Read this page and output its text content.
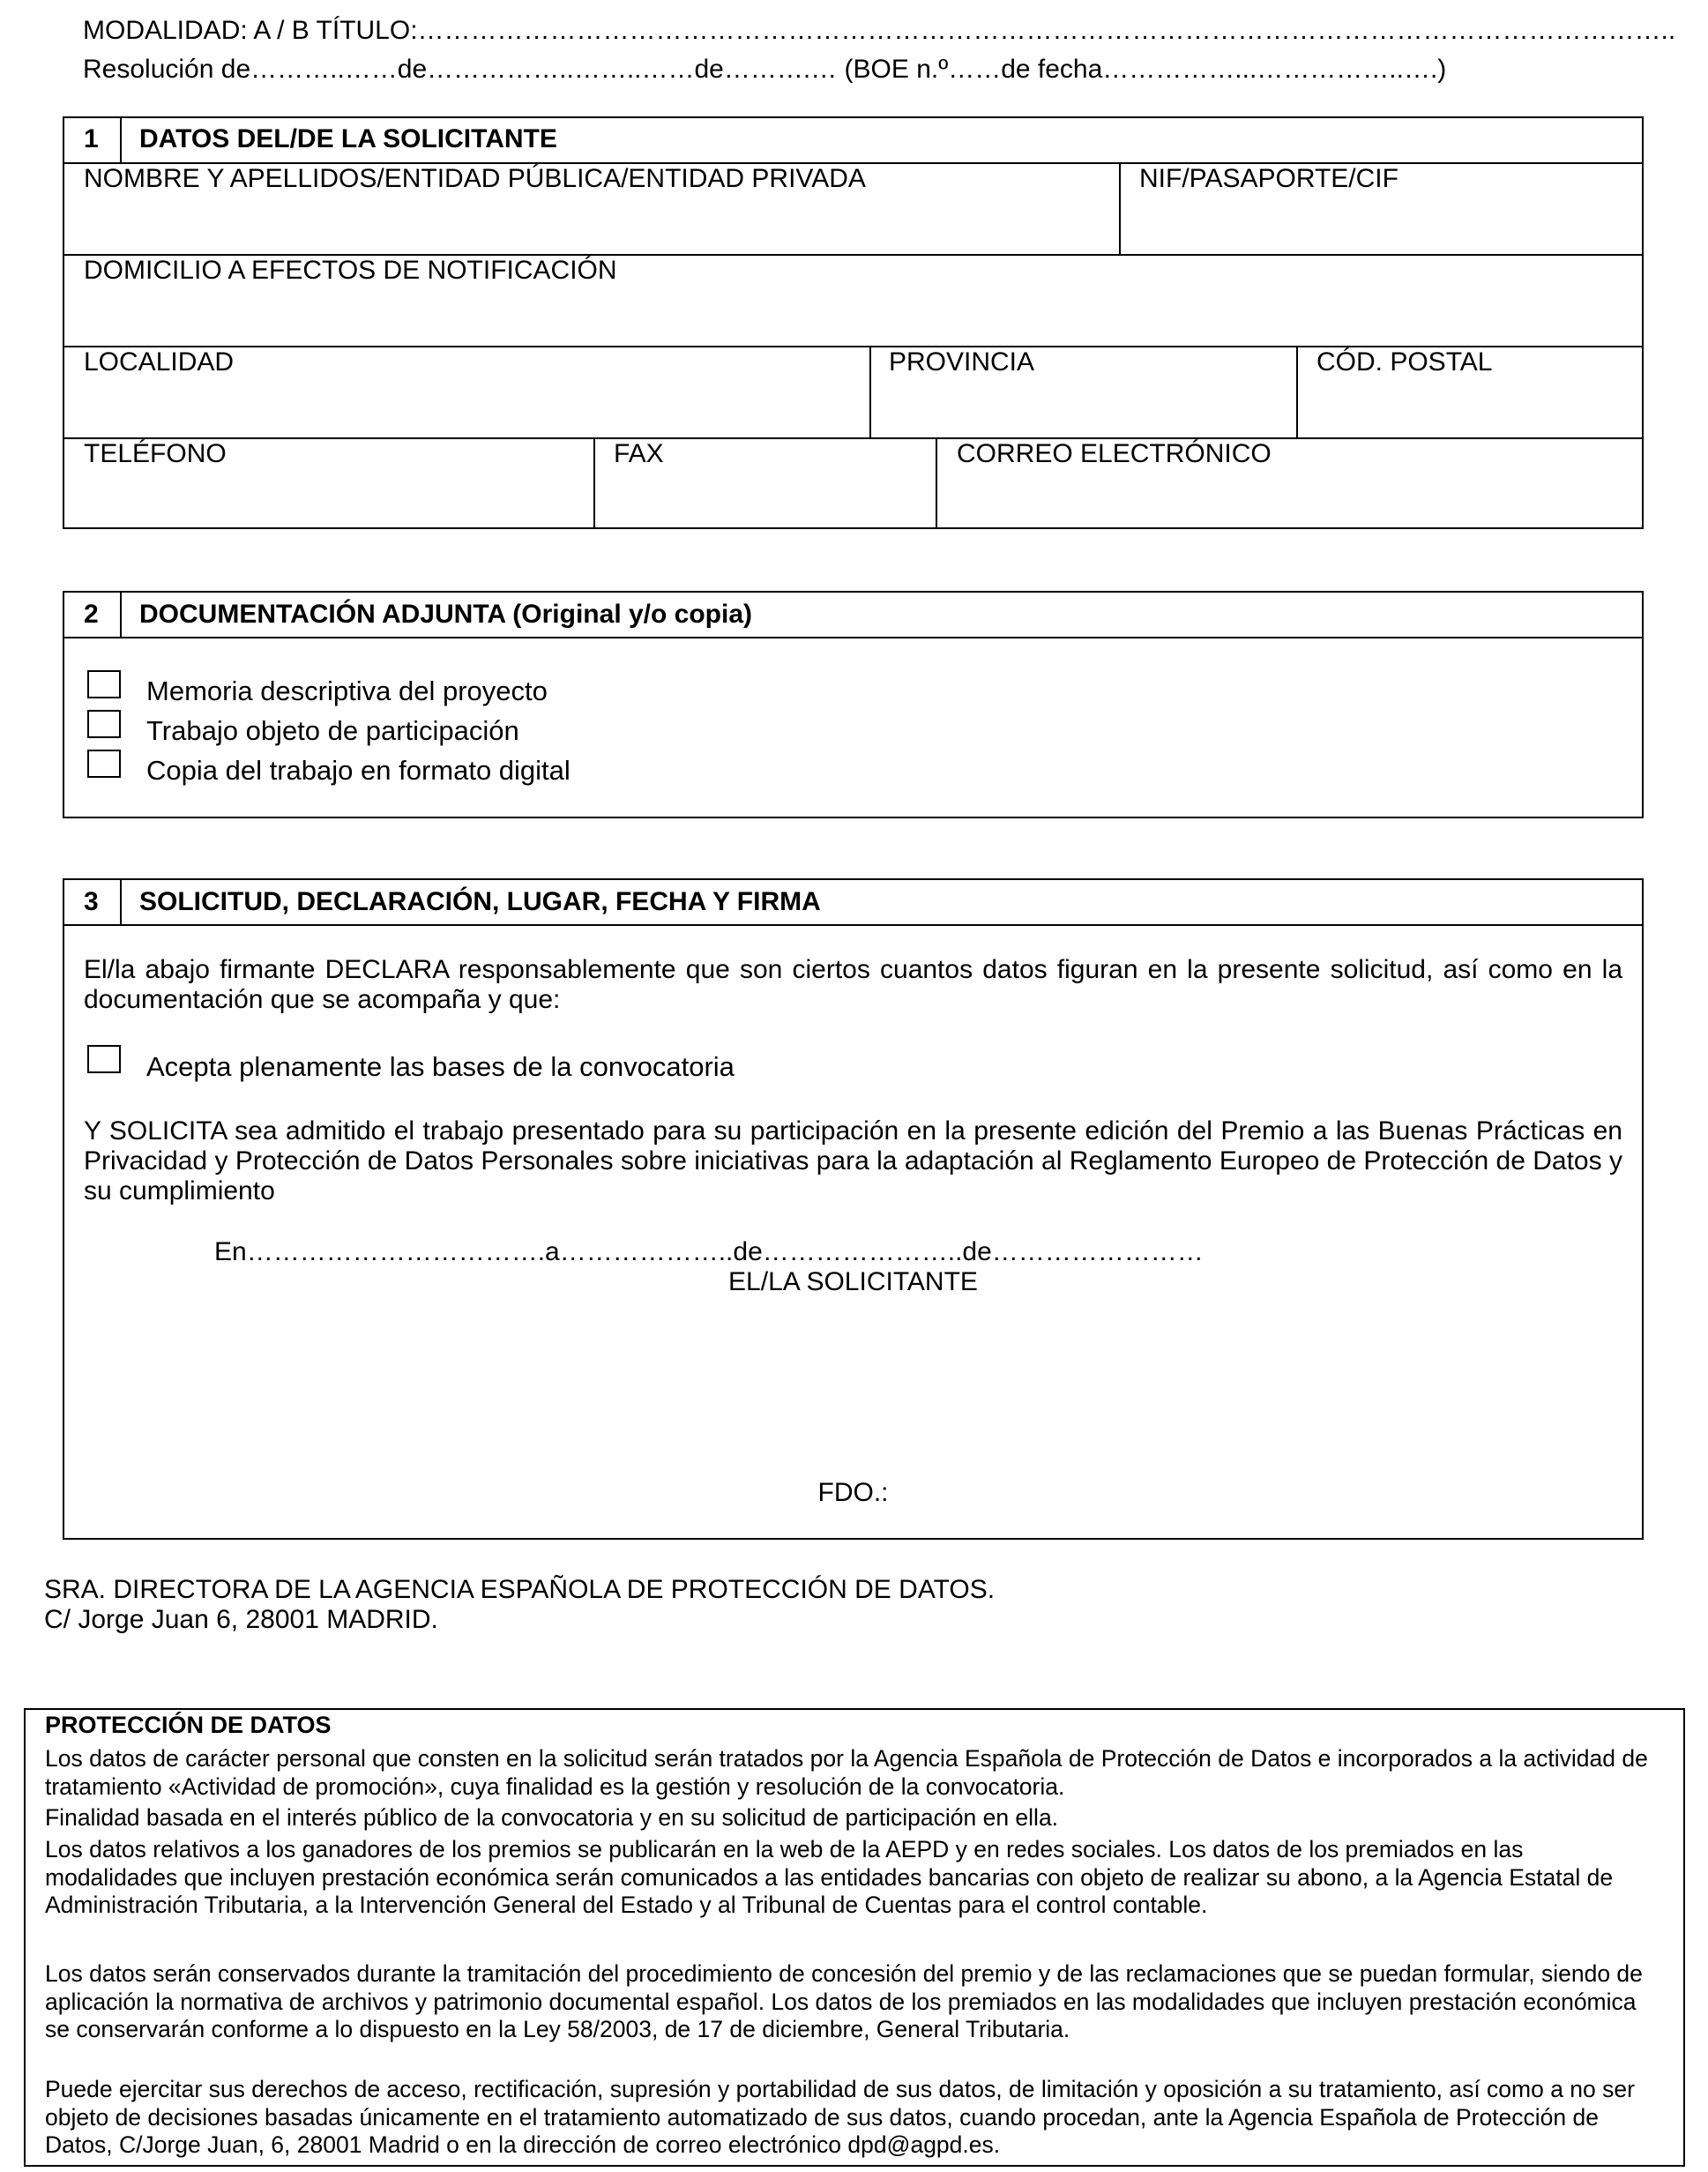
MODALIDAD: A / B TÍTULO:……………………………………………………………………………………………………………………………..
Resolución de………..……de……………..……..……de……….… (BOE n.º……de fecha……………...……………..….)
1 DATOS DEL/DE LA SOLICITANTE
NOMBRE Y APELLIDOS/ENTIDAD PÚBLICA/ENTIDAD PRIVADA	NIF/PASAPORTE/CIF
DOMICILIO A EFECTOS DE NOTIFICACIÓN
LOCALIDAD	PROVINCIA	CÓD. POSTAL
TELÉFONO	FAX	CORREO ELECTRÓNICO
2 DOCUMENTACIÓN ADJUNTA (Original y/o copia)
Memoria descriptiva del proyecto
Trabajo objeto de participación
Copia del trabajo en formato digital
3 SOLICITUD, DECLARACIÓN, LUGAR, FECHA Y FIRMA
El/la abajo firmante DECLARA responsablemente que son ciertos cuantos datos figuran en la presente solicitud, así como en la documentación que se acompaña y que:
Acepta plenamente las bases de la convocatoria
Y SOLICITA sea admitido el trabajo presentado para su participación en la presente edición del Premio a las Buenas Prácticas en Privacidad y Protección de Datos Personales sobre iniciativas para la adaptación al Reglamento Europeo de Protección de Datos y su cumplimiento
En…………………………….a………………..de…………………..de……………………
EL/LA SOLICITANTE
FDO.:
SRA. DIRECTORA DE LA AGENCIA ESPAÑOLA DE PROTECCIÓN DE DATOS.
C/ Jorge Juan 6, 28001 MADRID.
PROTECCIÓN DE DATOS
Los datos de carácter personal que consten en la solicitud serán tratados por la Agencia Española de Protección de Datos e incorporados a la actividad de tratamiento «Actividad de promoción», cuya finalidad es la gestión y resolución de la convocatoria.
Finalidad basada en el interés público de la convocatoria y en su solicitud de participación en ella.
Los datos relativos a los ganadores de los premios se publicarán en la web de la AEPD y en redes sociales. Los datos de los premiados en las modalidades que incluyen prestación económica serán comunicados a las entidades bancarias con objeto de realizar su abono, a la Agencia Estatal de Administración Tributaria, a la Intervención General del Estado y al Tribunal de Cuentas para el control contable.
Los datos serán conservados durante la tramitación del procedimiento de concesión del premio y de las reclamaciones que se puedan formular, siendo de aplicación la normativa de archivos y patrimonio documental español. Los datos de los premiados en las modalidades que incluyen prestación económica se conservarán conforme a lo dispuesto en la Ley 58/2003, de 17 de diciembre, General Tributaria.
Puede ejercitar sus derechos de acceso, rectificación, supresión y portabilidad de sus datos, de limitación y oposición a su tratamiento, así como a no ser objeto de decisiones basadas únicamente en el tratamiento automatizado de sus datos, cuando procedan, ante la Agencia Española de Protección de Datos, C/Jorge Juan, 6, 28001 Madrid o en la dirección de correo electrónico dpd@agpd.es.
